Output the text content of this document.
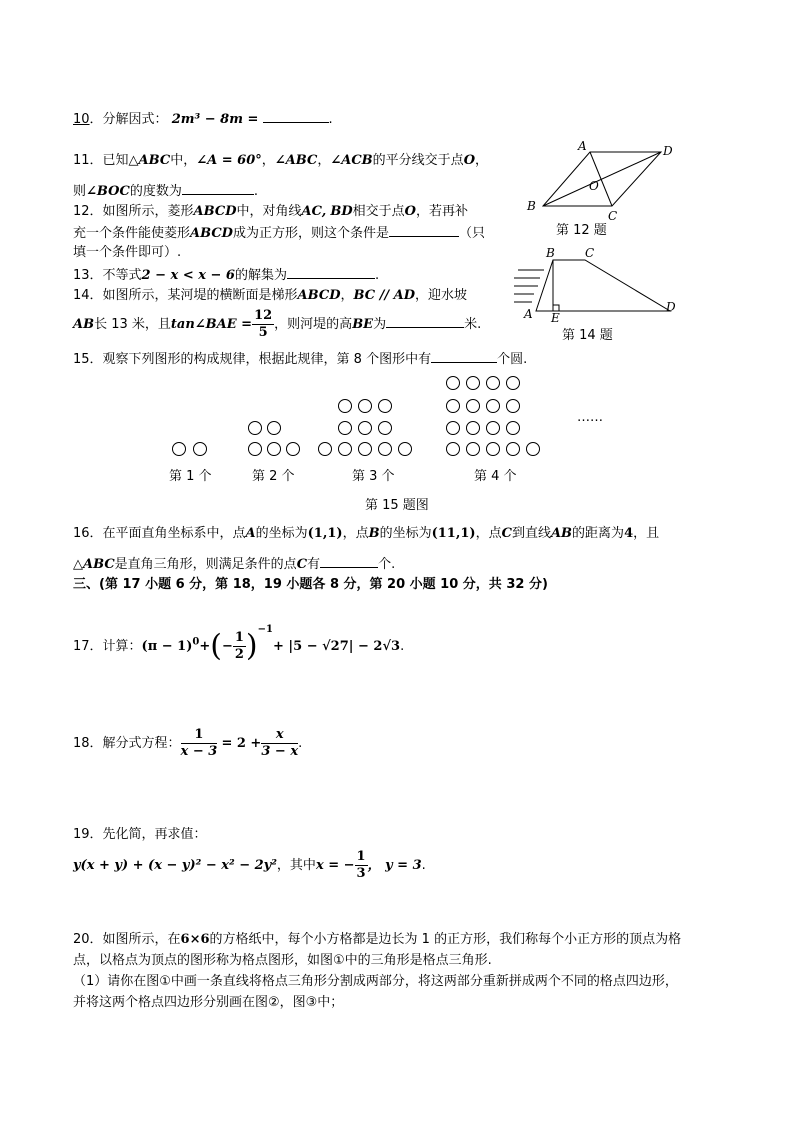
10．分解因式： 2m³ − 8m =	.
11．已知△ABC中，∠A = 60°，∠ABC，∠ACB的平分线交于点O，
则∠BOC的度数为	.
12．如图所示，菱形ABCD中，对角线AC, BD相交于点O，若再补
充一个条件能使菱形ABCD成为正方形，则这个条件是	（只
填一个条件即可）.
13．不等式2 − x < x − 6的解集为	.
14．如图所示，某河堤的横断面是梯形ABCD，BC // AD，迎水坡
AB长 13 米，且tan∠BAE = $\frac{12}{5}$ ，则河堤的高BE为	米.
15．观察下列图形的构成规律，根据此规律，第 8 个图形中有	个圆.
A	D
B
C
O
第 12 题
B	C
D
A E
第 14 题
……
第 1 个	第 2 个	第 3 个	第 4 个
第 15 题图
16．在平面直角坐标系中，点A的坐标为(1,1)，点B的坐标为(11,1)，点C到直线AB的距离为4，且
△ABC是直角三角形，则满足条件的点C有	个.
三、(第 17 小题 6 分，第 18，19 小题各 8 分，第 20 小题 10 分，共 32 分)
17．计算：$(\pi - 1)^0+(- \frac{1}{2} )^{-1}+ |5 - √27| - 2√3$.
18．解分式方程： $\frac{1}{x - 3} = 2 + \frac{x}{3 - x}$ .
19．先化简，再求值：
y(x + y) + (x − y)² − x² − 2y²，其中x = − $\frac{1}{3}$ ， y = 3.
20．如图所示，在6×6的方格纸中，每个小方格都是边长为 1 的正方形，我们称每个小正方形的顶点为格
点，以格点为顶点的图形称为格点图形，如图①中的三角形是格点三角形.
（1）请你在图①中画一条直线将格点三角形分割成两部分，将这两部分重新拼成两个不同的格点四边形，
并将这两个格点四边形分别画在图②，图③中；
